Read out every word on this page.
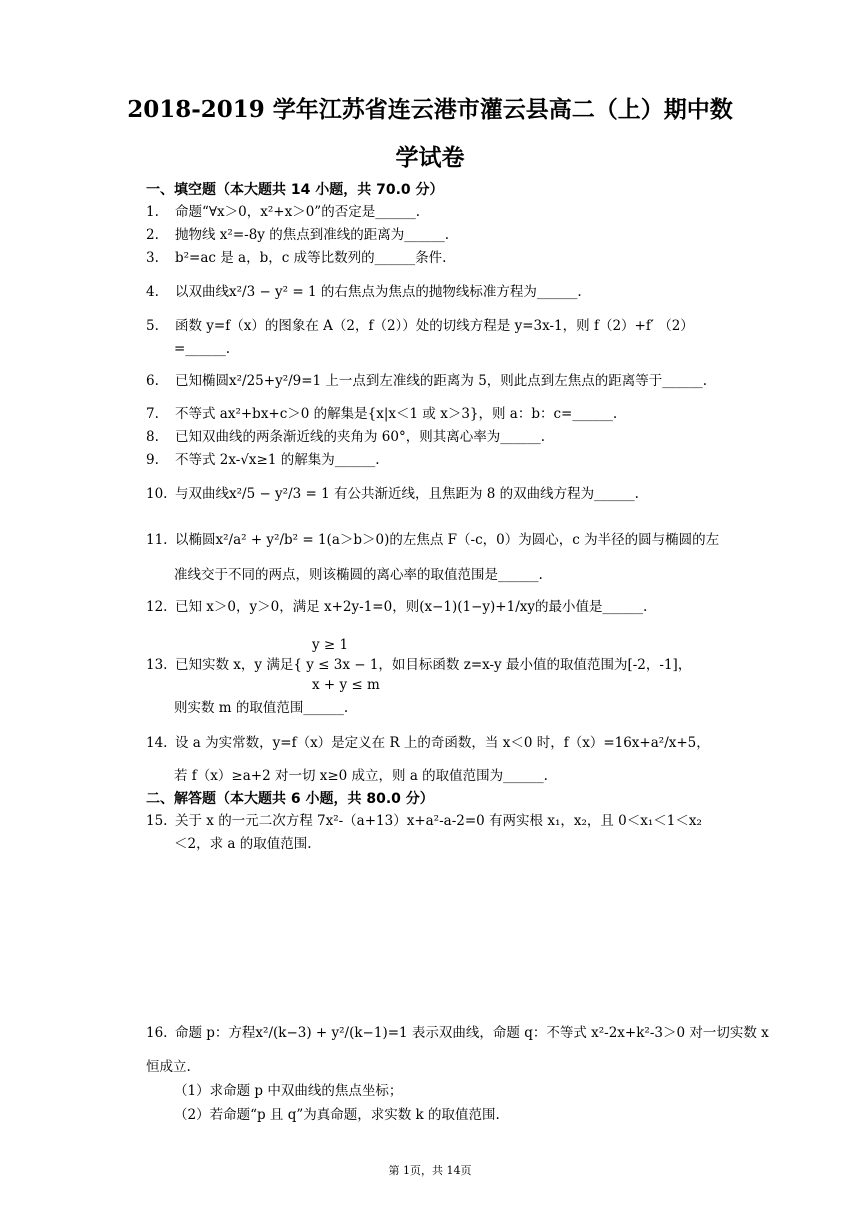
2018-2019 学年江苏省连云港市灌云县高二（上）期中数
学试卷
一、填空题（本大题共 14 小题，共 70.0 分）
1. 命题“∀x＞0，x²+x＞0”的否定是______.
2. 抛物线 x²=-8y 的焦点到准线的距离为______.
3. b²=ac 是 a，b，c 成等比数列的______条件.
4. 以双曲线x²/3 − y² = 1 的右焦点为焦点的抛物线标准方程为______.
5. 函数 y=f（x）的图象在 A（2，f（2））处的切线方程是 y=3x-1，则 f（2）+f′ （2）
=______.
6. 已知椭圆x²/25+y²/9=1 上一点到左准线的距离为 5，则此点到左焦点的距离等于______.
7. 不等式 ax²+bx+c＞0 的解集是{x|x＜1 或 x＞3}，则 a：b：c=______.
8. 已知双曲线的两条渐近线的夹角为 60°，则其离心率为______.
9. 不等式 2x-√x≥1 的解集为______.
10. 与双曲线x²/5 − y²/3 = 1 有公共渐近线，且焦距为 8 的双曲线方程为______.
11. 以椭圆x²/a² + y²/b² = 1(a＞b＞0)的左焦点 F（-c，0）为圆心，c 为半径的圆与椭圆的左
准线交于不同的两点，则该椭圆的离心率的取值范围是______.
12. 已知 x＞0，y＞0，满足 x+2y-1=0，则(x−1)(1−y)+1/xy的最小值是______.
y ≥ 1
13. 已知实数 x，y 满足{ y ≤ 3x − 1，如目标函数 z=x-y 最小值的取值范围为[-2，-1]，
x + y ≤ m
则实数 m 的取值范围______.
14. 设 a 为实常数，y=f（x）是定义在 R 上的奇函数，当 x＜0 时，f（x）=16x+a²/x+5，
若 f（x）≥a+2 对一切 x≥0 成立，则 a 的取值范围为______.
二、解答题（本大题共 6 小题，共 80.0 分）
15. 关于 x 的一元二次方程 7x²-（a+13）x+a²-a-2=0 有两实根 x₁，x₂，且 0＜x₁＜1＜x₂
＜2，求 a 的取值范围.
16. 命题 p：方程x²/(k−3) + y²/(k−1)=1 表示双曲线，命题 q：不等式 x²-2x+k²-3＞0 对一切实数 x
恒成立.
（1）求命题 p 中双曲线的焦点坐标；
（2）若命题“p 且 q”为真命题，求实数 k 的取值范围.
第 1页，共 14页
